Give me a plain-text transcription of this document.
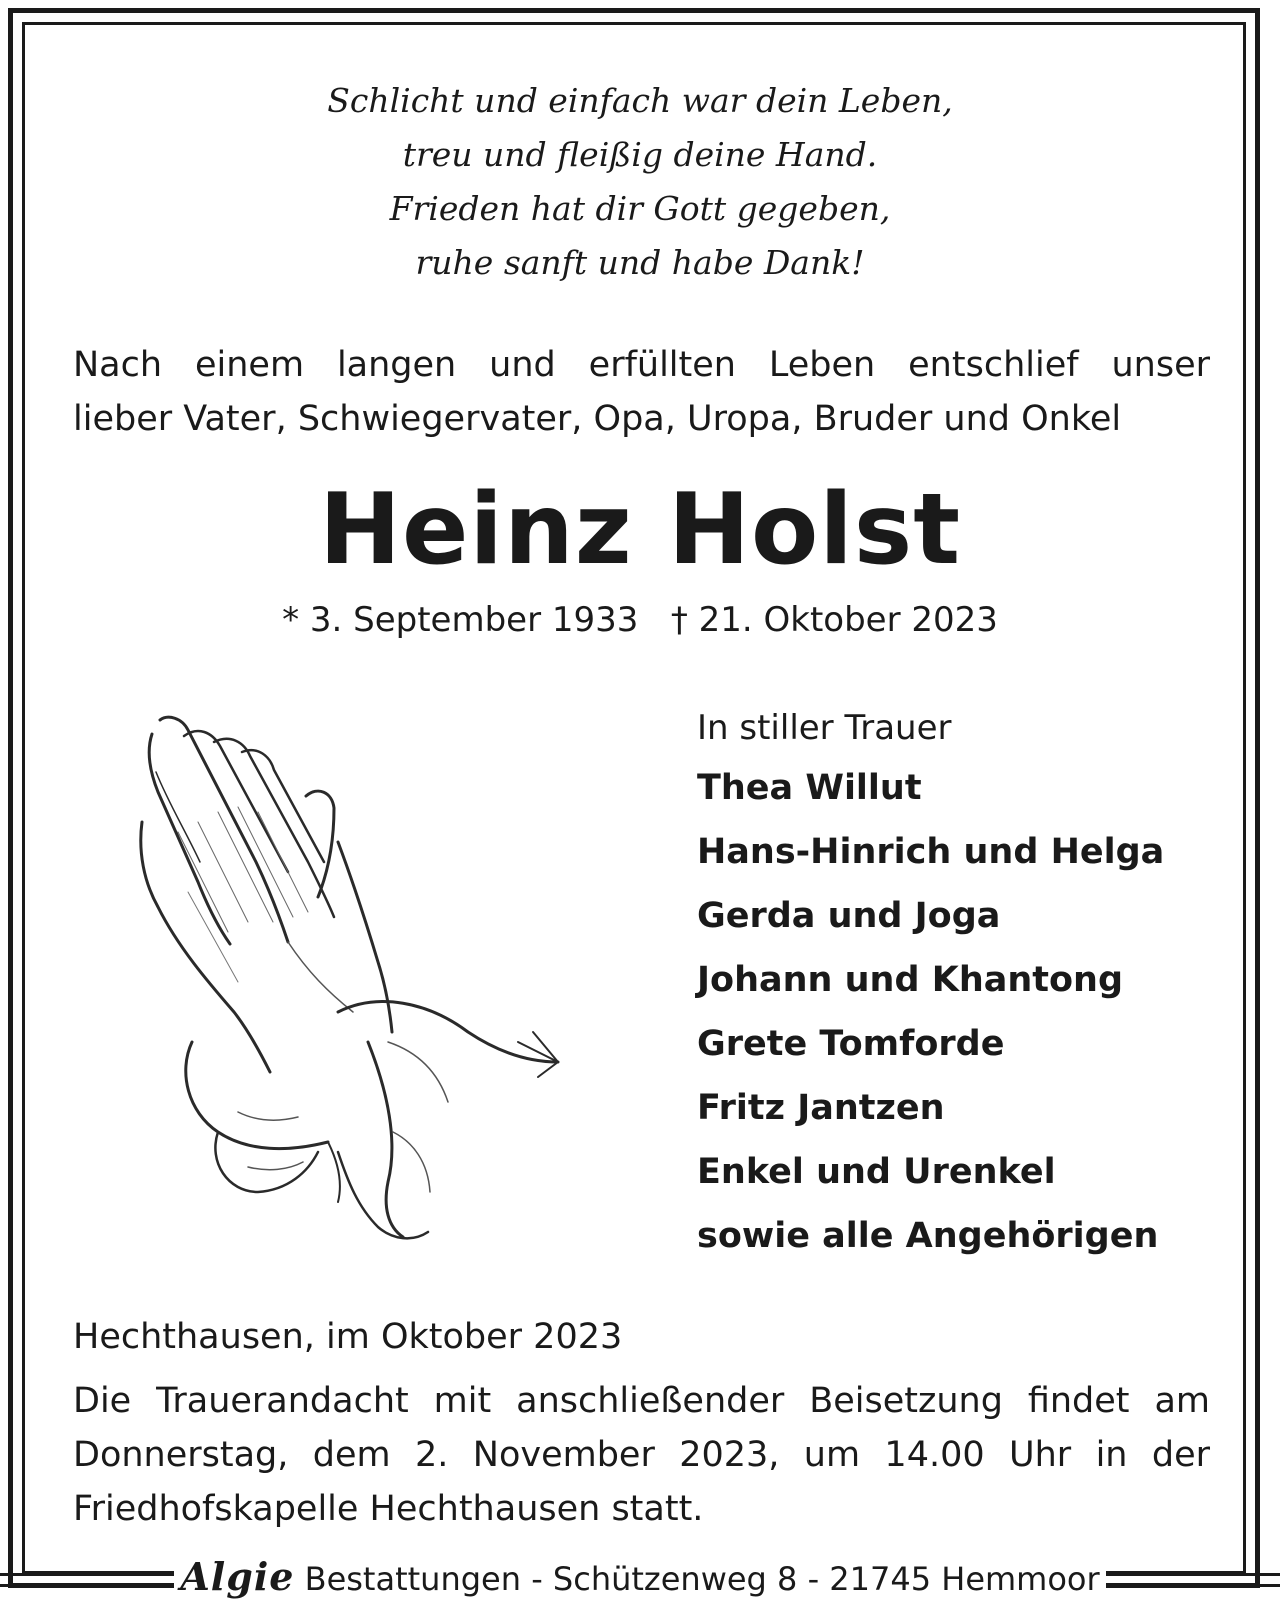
Schlicht und einfach war dein Leben,
treu und fleißig deine Hand.
Frieden hat dir Gott gegeben,
ruhe sanft und habe Dank!
Nach einem langen und erfüllten Leben entschlief unser
lieber Vater, Schwiegervater, Opa, Uropa, Bruder und Onkel
Heinz Holst
* 3. September 1933 † 21. Oktober 2023
In stiller Trauer
Thea Willut
Hans-Hinrich und Helga
Gerda und Joga
Johann und Khantong
Grete Tomforde
Fritz Jantzen
Enkel und Urenkel
sowie alle Angehörigen
Hechthausen, im Oktober 2023
Die Trauerandacht mit anschließender Beisetzung findet am
Donnerstag, dem 2. November 2023, um 14.00 Uhr in der
Friedhofskapelle Hechthausen statt.
Algie Bestattungen - Schützenweg 8 - 21745 Hemmoor
